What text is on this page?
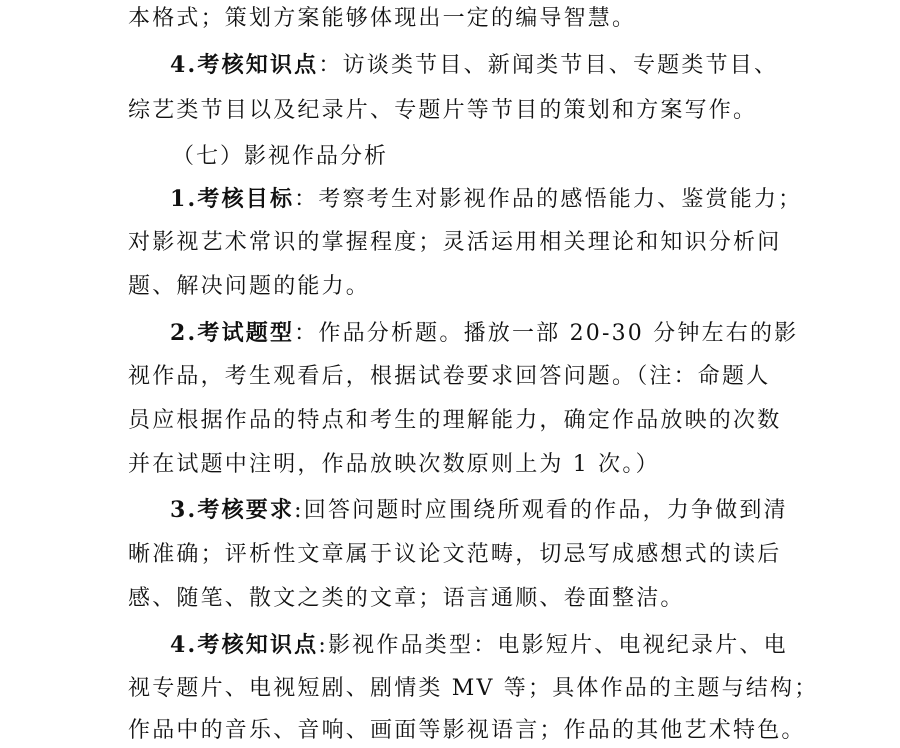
本格式；策划方案能够体现出一定的编导智慧。
4.考核知识点：访谈类节目、新闻类节目、专题类节目、
综艺类节目以及纪录片、专题片等节目的策划和方案写作。
（七）影视作品分析
1.考核目标：考察考生对影视作品的感悟能力、鉴赏能力；
对影视艺术常识的掌握程度；灵活运用相关理论和知识分析问
题、解决问题的能力。
2.考试题型：作品分析题。播放一部 20-30 分钟左右的影
视作品，考生观看后，根据试卷要求回答问题。（注：命题人
员应根据作品的特点和考生的理解能力，确定作品放映的次数
并在试题中注明，作品放映次数原则上为 1 次。）
3.考核要求:回答问题时应围绕所观看的作品，力争做到清
晰准确；评析性文章属于议论文范畴，切忌写成感想式的读后
感、随笔、散文之类的文章；语言通顺、卷面整洁。
4.考核知识点:影视作品类型：电影短片、电视纪录片、电
视专题片、电视短剧、剧情类 MV 等；具体作品的主题与结构；
作品中的音乐、音响、画面等影视语言；作品的其他艺术特色。
